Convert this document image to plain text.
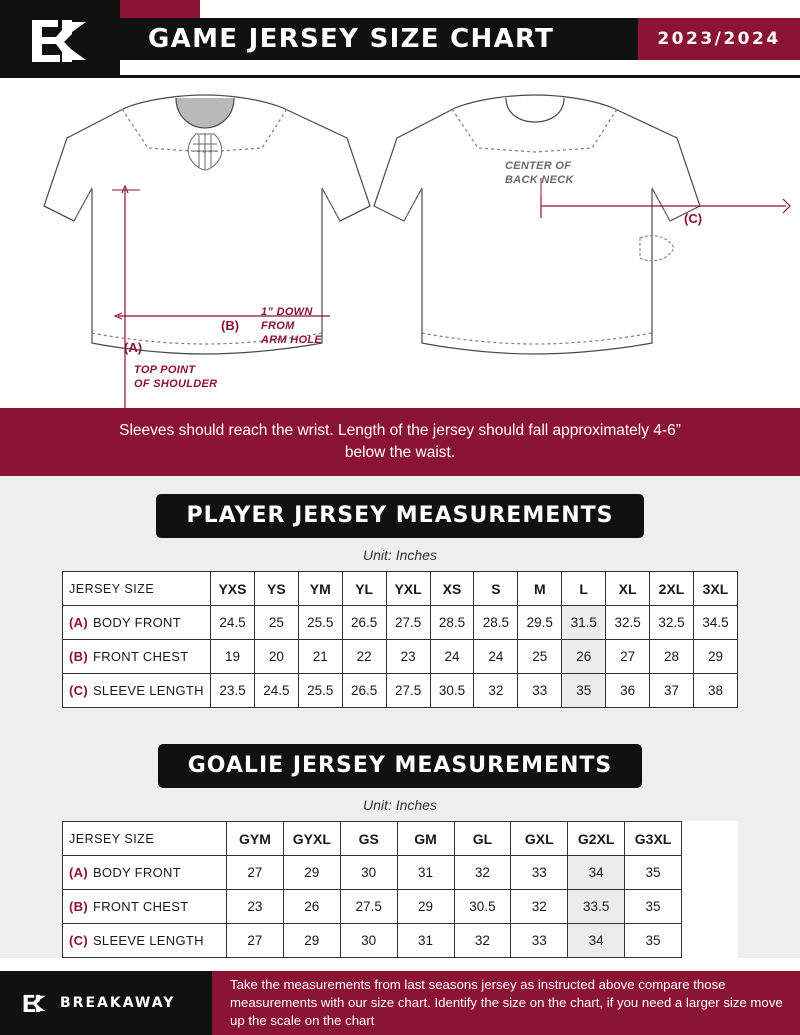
GAME JERSEY SIZE CHART	2023/2024
CENTER OF
BACK NECK
(C)
(B)
(A)
1” DOWN
FROM
ARM HOLE
TOP POINT
OF SHOULDER
Sleeves should reach the wrist. Length of the jersey should fall approximately 4-6” below the waist.
PLAYER JERSEY MEASUREMENTS
Unit: Inches
JERSEY SIZE	YXS	YS	YM	YL	YXL	XS	S	M	L	XL	2XL	3XL
(A) BODY FRONT	24.5	25	25.5	26.5	27.5	28.5	28.5	29.5	31.5	32.5	32.5	34.5
(B) FRONT CHEST	19	20	21	22	23	24	24	25	26	27	28	29
(C) SLEEVE LENGTH	23.5	24.5	25.5	26.5	27.5	30.5	32	33	35	36	37	38
GOALIE JERSEY MEASUREMENTS
Unit: Inches
JERSEY SIZE	GYM	GYXL	GS	GM	GL	GXL	G2XL	G3XL	
(A) BODY FRONT	27	29	30	31	32	33	34	35	
(B) FRONT CHEST	23	26	27.5	29	30.5	32	33.5	35	
(C) SLEEVE LENGTH	27	29	30	31	32	33	34	35	
BREAKAWAY
Take the measurements from last seasons jersey as instructed above compare those measurements with our size chart. Identify the size on the chart, if you need a larger size move up the scale on the chart
